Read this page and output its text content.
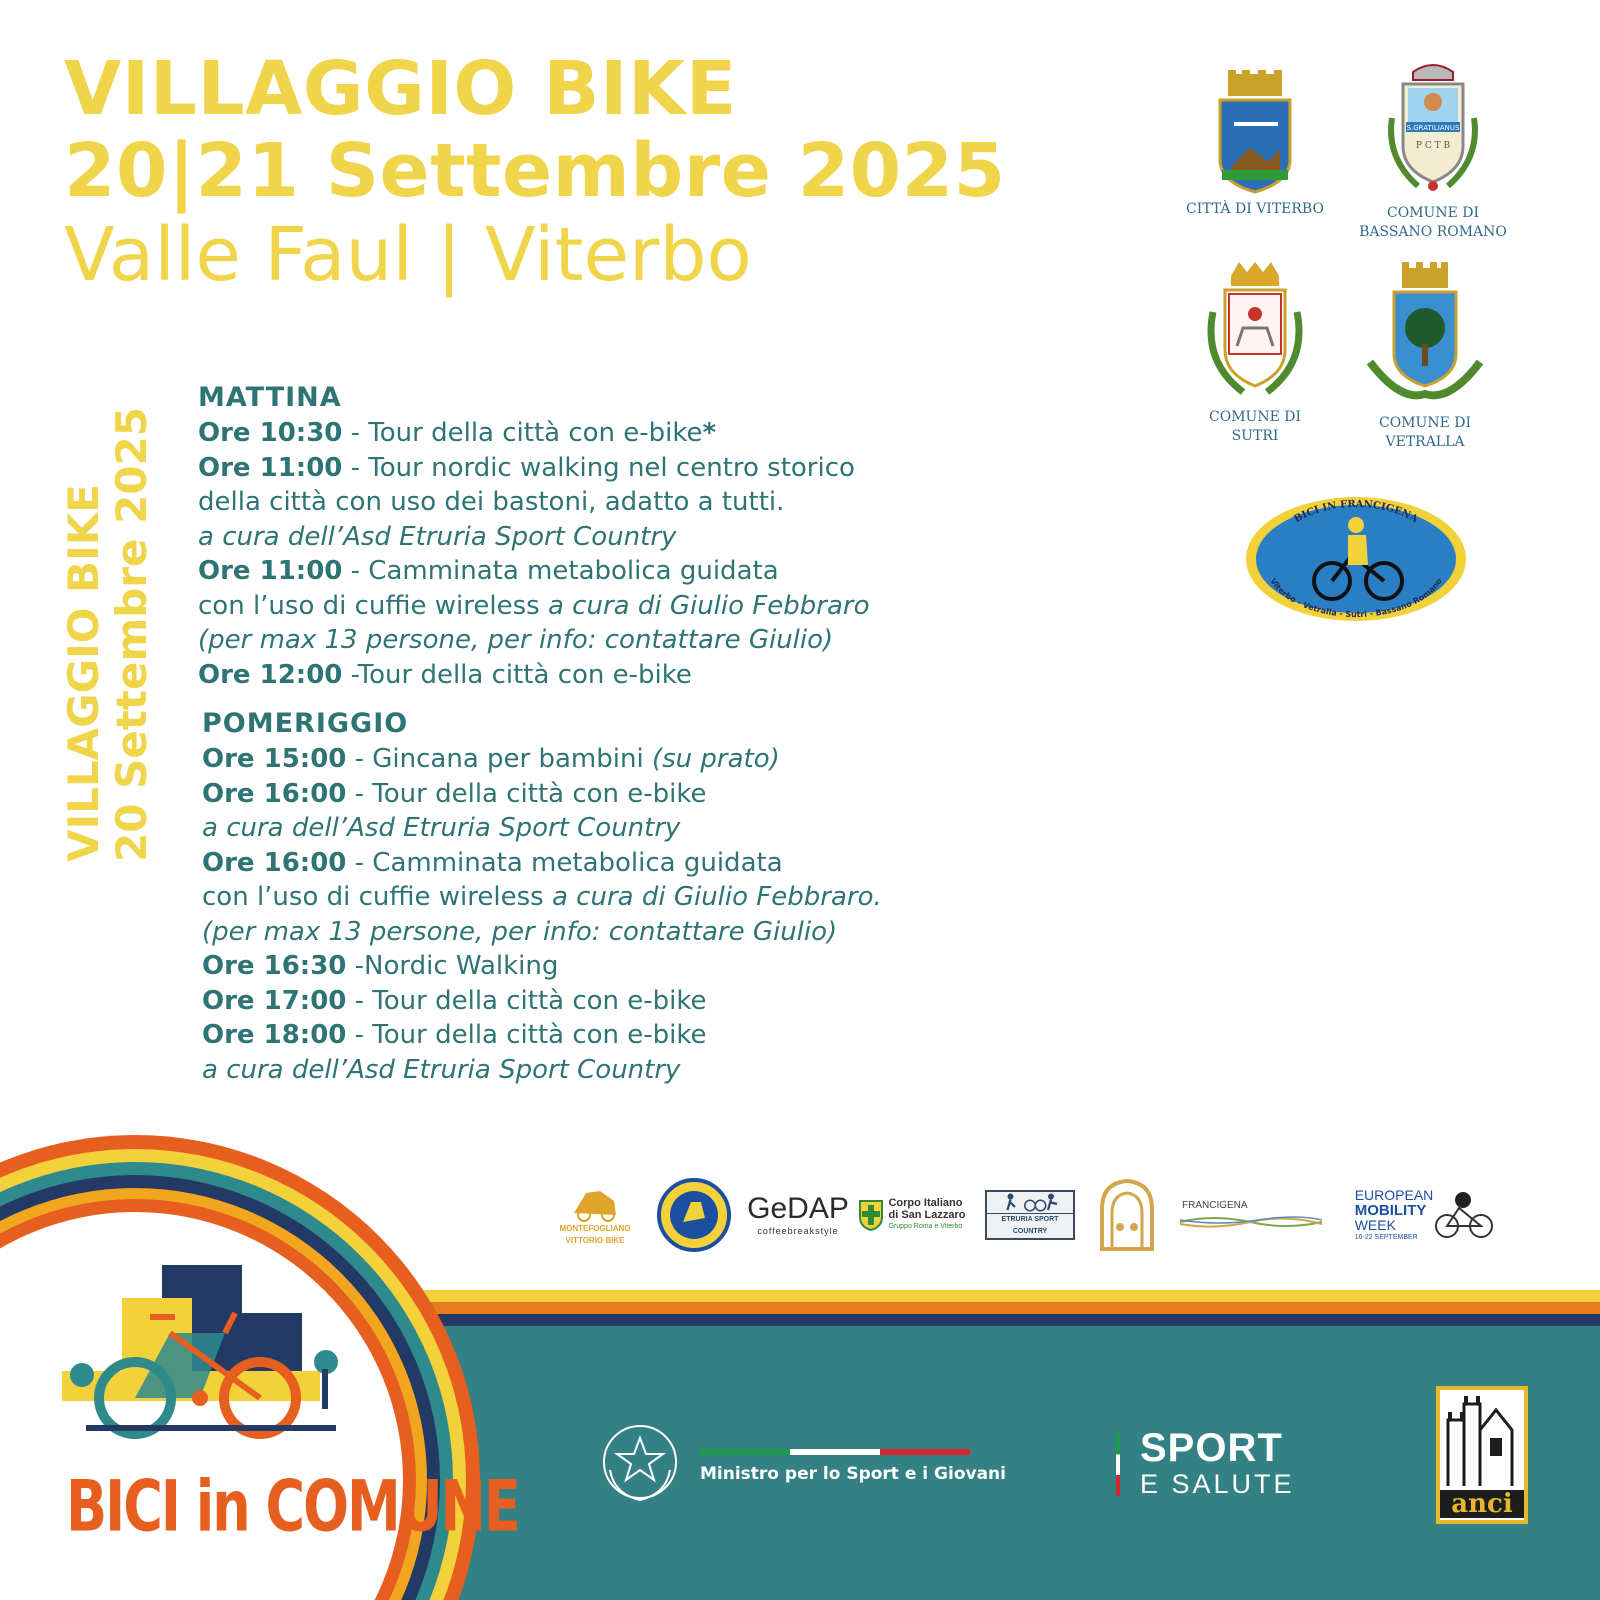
VILLAGGIO BIKE
20|21 Settembre 2025
Valle Faul | Viterbo
VILLAGGIO BIKE 20 Settembre 2025
MATTINA
Ore 10:30 - Tour della città con e-bike*
Ore 11:00 - Tour nordic walking nel centro storico
della città con uso dei bastoni, adatto a tutti.
a cura dell’Asd Etruria Sport Country
Ore 11:00 - Camminata metabolica guidata
con l’uso di cuffie wireless a cura di Giulio Febbraro
(per max 13 persone, per info: contattare Giulio)
Ore 12:00 -Tour della città con e-bike
POMERIGGIO
Ore 15:00 - Gincana per bambini (su prato)
Ore 16:00 - Tour della città con e-bike
a cura dell’Asd Etruria Sport Country
Ore 16:00 - Camminata metabolica guidata
con l’uso di cuffie wireless a cura di Giulio Febbraro.
(per max 13 persone, per info: contattare Giulio)
Ore 16:30 -Nordic Walking
Ore 17:00 - Tour della città con e-bike
Ore 18:00 - Tour della città con e-bike
a cura dell’Asd Etruria Sport Country
CITTÀ DI VITERBO
S.GRATILIANUS
P C T B
COMUNE DI
BASSANO ROMANO
COMUNE DI
SUTRI
COMUNE DI
VETRALLA
BICI IN FRANCIGENA
Viterbo - Vetralla - Sutri - Bassano Romano
MONTEFOGLIANO
VITTORIO BIKE
GeDAP
coffeebreakstyle
Corpo Italiano
di San Lazzaro
Gruppo Roma e Viterbo
ETRURIA SPORT COUNTRY
FRANCIGENA
EUROPEAN
MOBILITY
WEEK
16-22 SEPTEMBER
BICI in COMUNE	Ministro per lo Sport e i Giovani
SPORT
E SALUTE
anci
